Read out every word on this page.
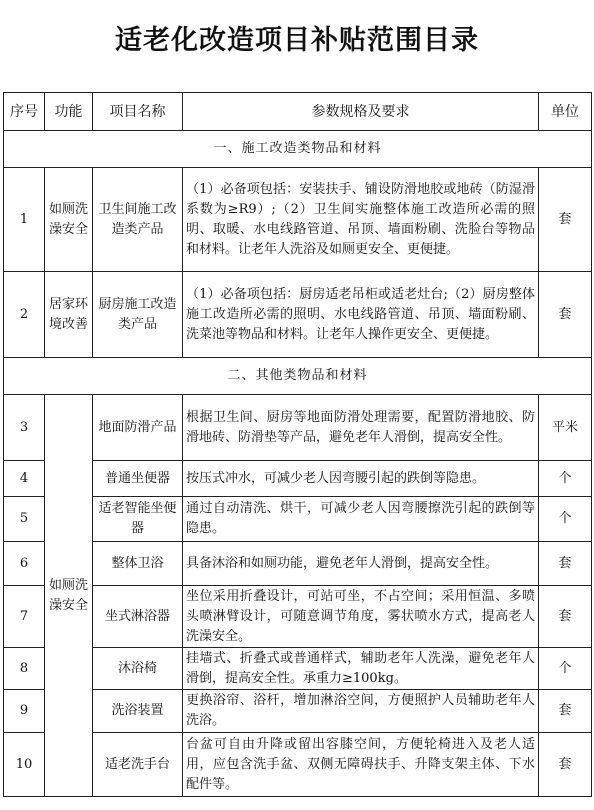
适老化改造项目补贴范围目录
序号	功能	项目名称	参数规格及要求	单位
一、施工改造类物品和材料				
1	如厕洗澡安全	卫生间施工改造类产品	（1）必备项包括：安装扶手、铺设防滑地胶或地砖（防湿滑系数为≥R9）;（2）卫生间实施整体施工改造所必需的照明、取暖、水电线路管道、吊顶、墙面粉刷、洗脸台等物品和材料。让老年人洗浴及如厕更安全、更便捷。	套
2	居家环境改善	厨房施工改造类产品	（1）必备项包括：厨房适老吊柜或适老灶台;（2）厨房整体施工改造所必需的照明、水电线路管道、吊顶、墙面粉刷、洗菜池等物品和材料。让老年人操作更安全、更便捷。	套
二、其他类物品和材料				
3	如厕洗澡安全	地面防滑产品	根据卫生间、厨房等地面防滑处理需要，配置防滑地胶、防滑地砖、防滑垫等产品，避免老年人滑倒，提高安全性。	平米
4		普通坐便器	按压式冲水，可减少老人因弯腰引起的跌倒等隐患。	个
5		适老智能坐便器	通过自动清洗、烘干，可减少老人因弯腰擦洗引起的跌倒等隐患。	个
6		整体卫浴	具备沐浴和如厕功能，避免老年人滑倒，提高安全性。	套
7		坐式淋浴器	坐位采用折叠设计，可站可坐，不占空间；采用恒温、多喷头喷淋臂设计，可随意调节角度，雾状喷水方式，提高老人洗澡安全。	套
8		沐浴椅	挂墙式、折叠式或普通样式，辅助老年人洗澡，避免老年人滑倒，提高安全性。承重力≥100kg。	个
9		洗浴装置	更换浴帘、浴杆，增加淋浴空间，方便照护人员辅助老年人洗浴。	套
10		适老洗手台	台盆可自由升降或留出容膝空间，方便轮椅进入及老人适用，应包含洗手盆、双侧无障碍扶手、升降支架主体、下水配件等。	套
